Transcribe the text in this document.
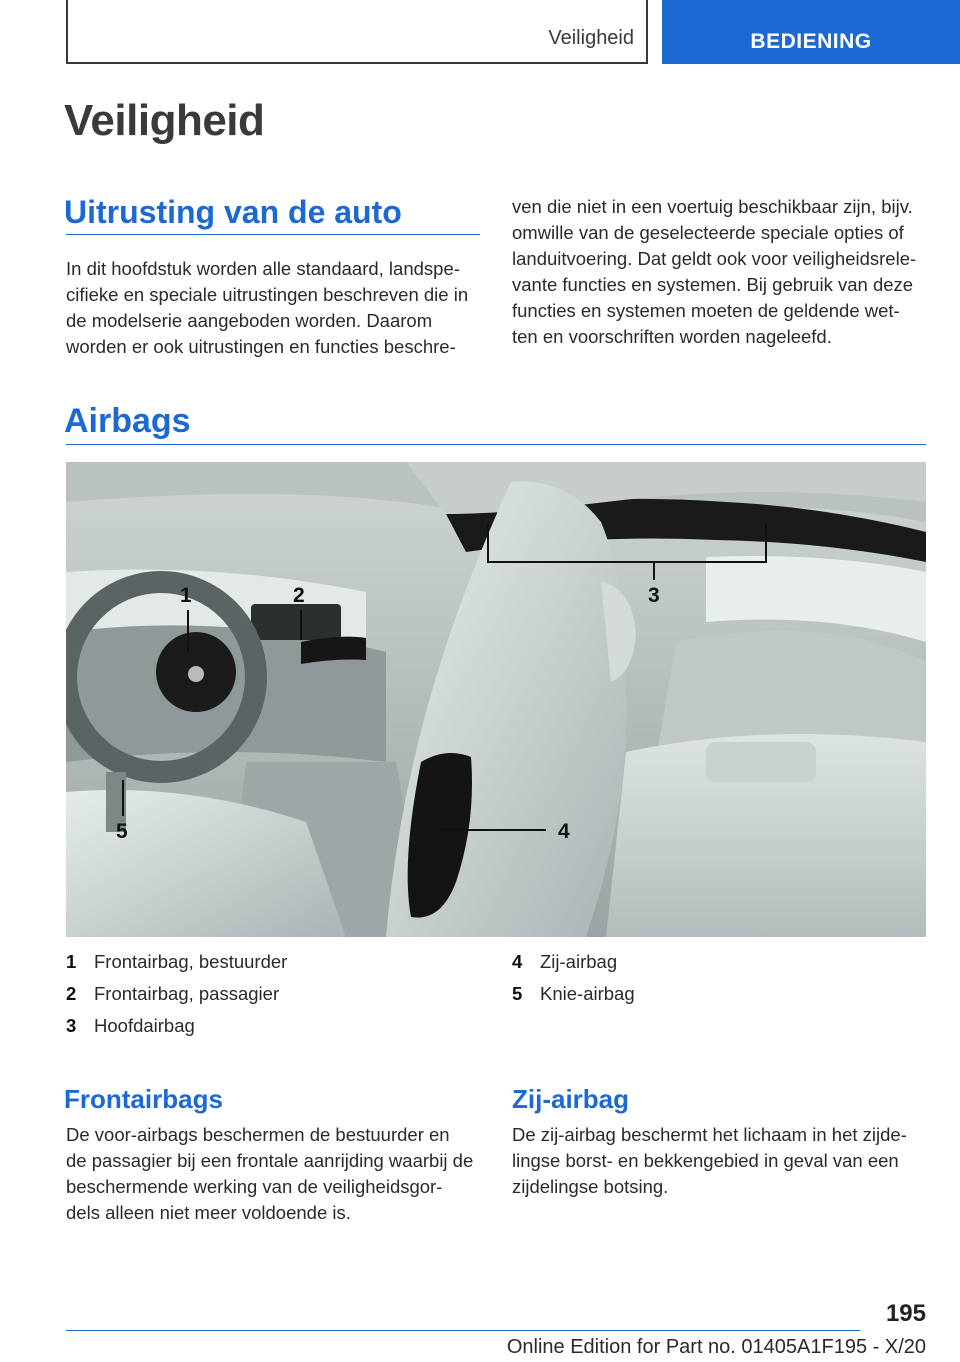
Veiligheid	BEDIENING
Veiligheid
Uitrusting van de auto
In dit hoofdstuk worden alle standaard, landspe-
cifieke en speciale uitrustingen beschreven die in
de modelserie aangeboden worden. Daarom
worden er ook uitrustingen en functies beschre-
ven die niet in een voertuig beschikbaar zijn, bijv.
omwille van de geselecteerde speciale opties of
landuitvoering. Dat geldt ook voor veiligheidsrele-
vante functies en systemen. Bij gebruik van deze
functies en systemen moeten de geldende wet-
ten en voorschriften worden nageleefd.
Airbags
1	2	3
4
5
1 Frontairbag, bestuurder
2 Frontairbag, passagier
3 Hoofdairbag
4 Zij-airbag
5 Knie-airbag
Frontairbags
De voor-airbags beschermen de bestuurder en
de passagier bij een frontale aanrijding waarbij de
beschermende werking van de veiligheidsgor-
dels alleen niet meer voldoende is.
Zij-airbag
De zij-airbag beschermt het lichaam in het zijde-
lingse borst- en bekkengebied in geval van een
zijdelingse botsing.
195
Online Edition for Part no. 01405A1F195 - X/20
